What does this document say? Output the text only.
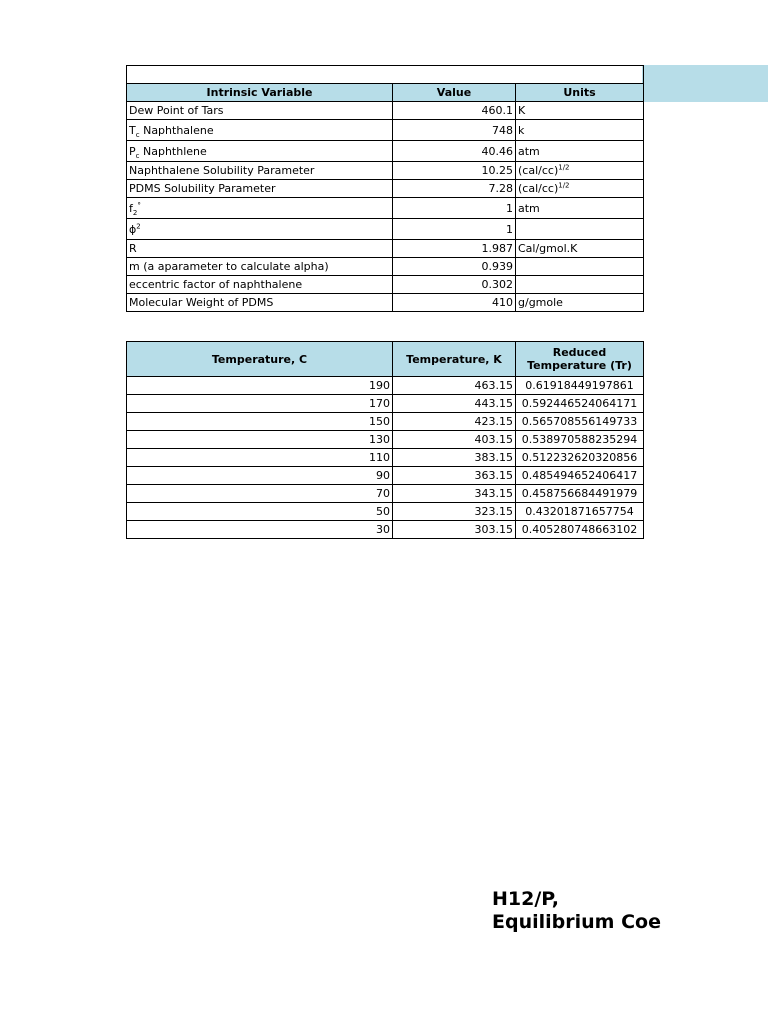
Intrinsic Variable	Value	Units
Dew Point of Tars	460.1	K
$T_c$ Naphthalene	748	k
$P_c$ Naphthlene	40.46	atm
Naphthalene Solubility Parameter	10.25	$(cal/cc)^{1/2}$
PDMS Solubility Parameter	7.28	$(cal/cc)^{1/2}$
$f_2^\circ$	1	atm
$\phi^2$	1	
R	1.987	Cal/gmol.K
m (a aparameter to calculate alpha)	0.939	
eccentric factor of naphthalene	0.302	
Molecular Weight of PDMS	410	g/gmole
Temperature, C	Temperature, K	Reduced
Temperature (Tr)
190	463.15	0.61918449197861
170	443.15	0.592446524064171
150	423.15	0.565708556149733
130	403.15	0.538970588235294
110	383.15	0.512232620320856
90	363.15	0.485494652406417
70	343.15	0.458756684491979
50	323.15	0.43201871657754
30	303.15	0.405280748663102
H12/P,
Equilibrium Coe
